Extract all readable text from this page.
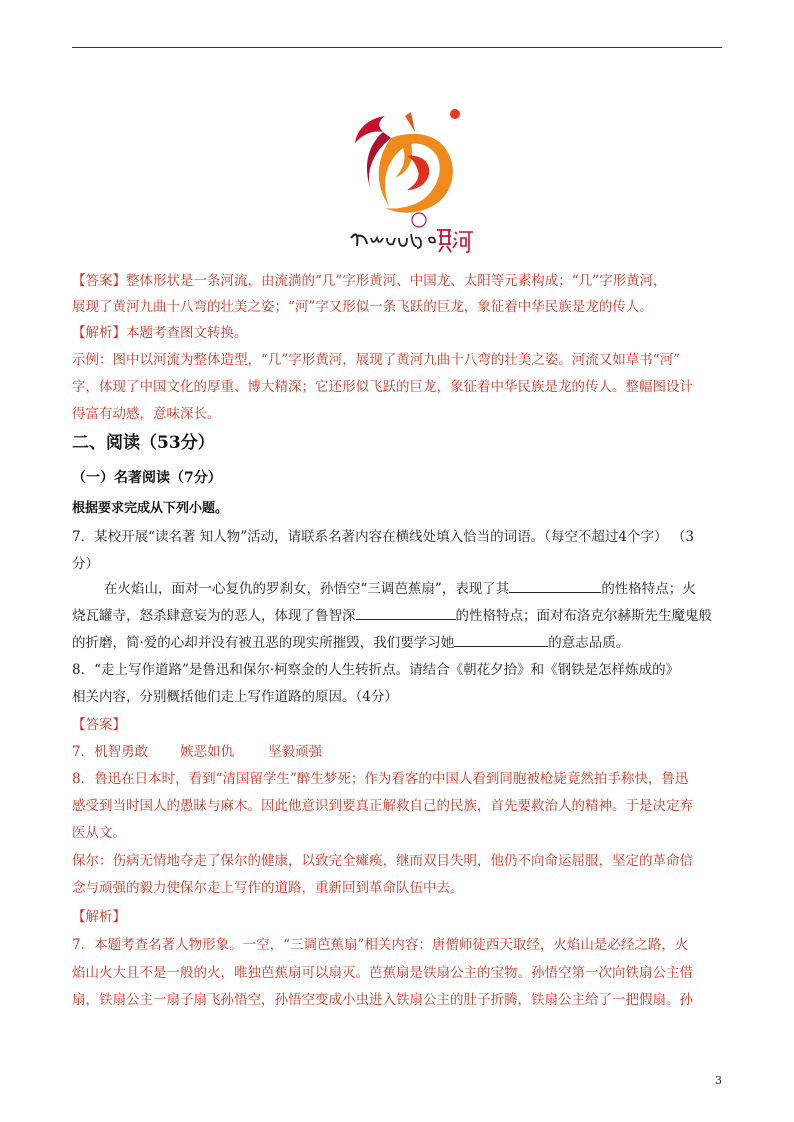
【答案】整体形状是一条河流，由流淌的“几”字形黄河、中国龙、太阳等元素构成；“几”字形黄河，
展现了黄河九曲十八弯的壮美之姿；“河”字又形似一条飞跃的巨龙，象征着中华民族是龙的传人。
【解析】本题考查图文转换。
示例：图中以河流为整体造型，“几”字形黄河，展现了黄河九曲十八弯的壮美之姿。河流又如草书“河”
字，体现了中国文化的厚重、博大精深；它还形似飞跃的巨龙，象征着中华民族是龙的传人。整幅图设计
得富有动感，意味深长。
二、阅读（53分）
（一）名著阅读（7分）
根据要求完成从下列小题。
7．某校开展“读名著 知人物”活动，请联系名著内容在横线处填入恰当的词语。（每空不超过4个字） （3
分）
在火焰山，面对一心复仇的罗刹女，孙悟空“三调芭蕉扇”，表现了其	的性格特点；火
烧瓦罐寺，怒杀肆意妄为的恶人，体现了鲁智深	的性格特点；面对布洛克尔赫斯先生魔鬼般
的折磨，简·爱的心却并没有被丑恶的现实所摧毁，我们要学习她	的意志品质。
8．“走上写作道路”是鲁迅和保尔·柯察金的人生转折点。请结合《朝花夕拾》和《钢铁是怎样炼成的》
相关内容，分别概括他们走上写作道路的原因。（4分）
【答案】
7．机智勇敢 嫉恶如仇	坚毅顽强
8．鲁迅在日本时，看到“清国留学生”醉生梦死；作为看客的中国人看到同胞被枪毙竟然拍手称快，鲁迅
感受到当时国人的愚昧与麻木。因此他意识到要真正解救自己的民族，首先要救治人的精神。于是决定弃
医从文。
保尔：伤病无情地夺走了保尔的健康，以致完全瘫痪，继而双目失明，他仍不向命运屈服，坚定的革命信
念与顽强的毅力使保尔走上写作的道路，重新回到革命队伍中去。
【解析】
7．本题考查名著人物形象。一空，“三调芭蕉扇”相关内容：唐僧师徒西天取经，火焰山是必经之路，火
焰山火大且不是一般的火，唯独芭蕉扇可以扇灭。芭蕉扇是铁扇公主的宝物。孙悟空第一次向铁扇公主借
扇，铁扇公主一扇子扇飞孙悟空，孙悟空变成小虫进入铁扇公主的肚子折腾，铁扇公主给了一把假扇。孙
3
